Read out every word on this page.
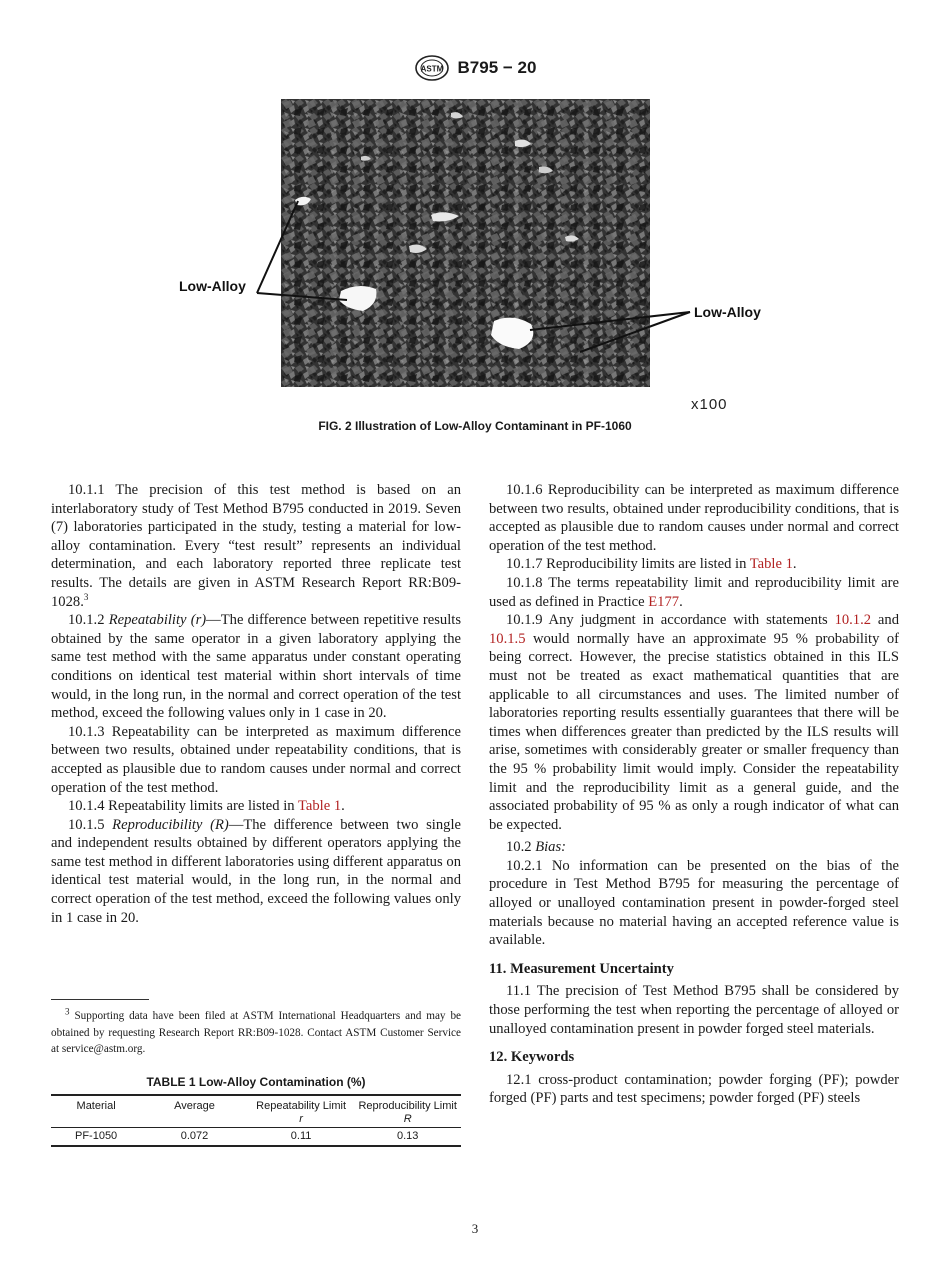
ASTM B795 − 20
Low-Alloy
Low-Alloy
x100
FIG. 2 Illustration of Low-Alloy Contaminant in PF-1060

10.1.1 The precision of this test method is based on an interlaboratory study of Test Method B795 conducted in 2019. Seven (7) laboratories participated in the study, testing a material for low-alloy contamination. Every “test result” represents an individual determination, and each laboratory reported three replicate test results. The details are given in ASTM Research Report RR:B09-1028.$^3$

10.1.2 Repeatability (r)—The difference between repetitive results obtained by the same operator in a given laboratory applying the same test method with the same apparatus under constant operating conditions on identical test material within short intervals of time would, in the long run, in the normal and correct operation of the test method, exceed the following values only in 1 case in 20.

10.1.3 Repeatability can be interpreted as maximum difference between two results, obtained under repeatability conditions, that is accepted as plausible due to random causes under normal and correct operation of the test method.

10.1.4 Repeatability limits are listed in Table 1.

10.1.5 Reproducibility (R)—The difference between two single and independent results obtained by different operators applying the same test method in different laboratories using different apparatus on identical test material would, in the long run, in the normal and correct operation of the test method, exceed the following values only in 1 case in 20.

$^3$ Supporting data have been filed at ASTM International Headquarters and may be obtained by requesting Research Report RR:B09-1028. Contact ASTM Customer Service at service@astm.org.

TABLE 1 Low-Alloy Contamination (%)
Material	Average	Repeatability Limit	Reproducibility Limit
		r	R
PF-1050	0.072	0.11	0.13

10.1.6 Reproducibility can be interpreted as maximum difference between two results, obtained under reproducibility conditions, that is accepted as plausible due to random causes under normal and correct operation of the test method.

10.1.7 Reproducibility limits are listed in Table 1.

10.1.8 The terms repeatability limit and reproducibility limit are used as defined in Practice E177.

10.1.9 Any judgment in accordance with statements 10.1.2 and 10.1.5 would normally have an approximate 95 % probability of being correct. However, the precise statistics obtained in this ILS must not be treated as exact mathematical quantities that are applicable to all circumstances and uses. The limited number of laboratories reporting results essentially guarantees that there will be times when differences greater than predicted by the ILS results will arise, sometimes with considerably greater or smaller frequency than the 95 % probability limit would imply. Consider the repeatability limit and the reproducibility limit as a general guide, and the associated probability of 95 % as only a rough indicator of what can be expected.

10.2 Bias:

10.2.1 No information can be presented on the bias of the procedure in Test Method B795 for measuring the percentage of alloyed or unalloyed contamination present in powder-forged steel materials because no material having an accepted reference value is available.

11. Measurement Uncertainty

11.1 The precision of Test Method B795 shall be considered by those performing the test when reporting the percentage of alloyed or unalloyed contamination present in powder forged steel materials.

12. Keywords

12.1 cross-product contamination; powder forging (PF); powder forged (PF) parts and test specimens; powder forged (PF) steels

3
